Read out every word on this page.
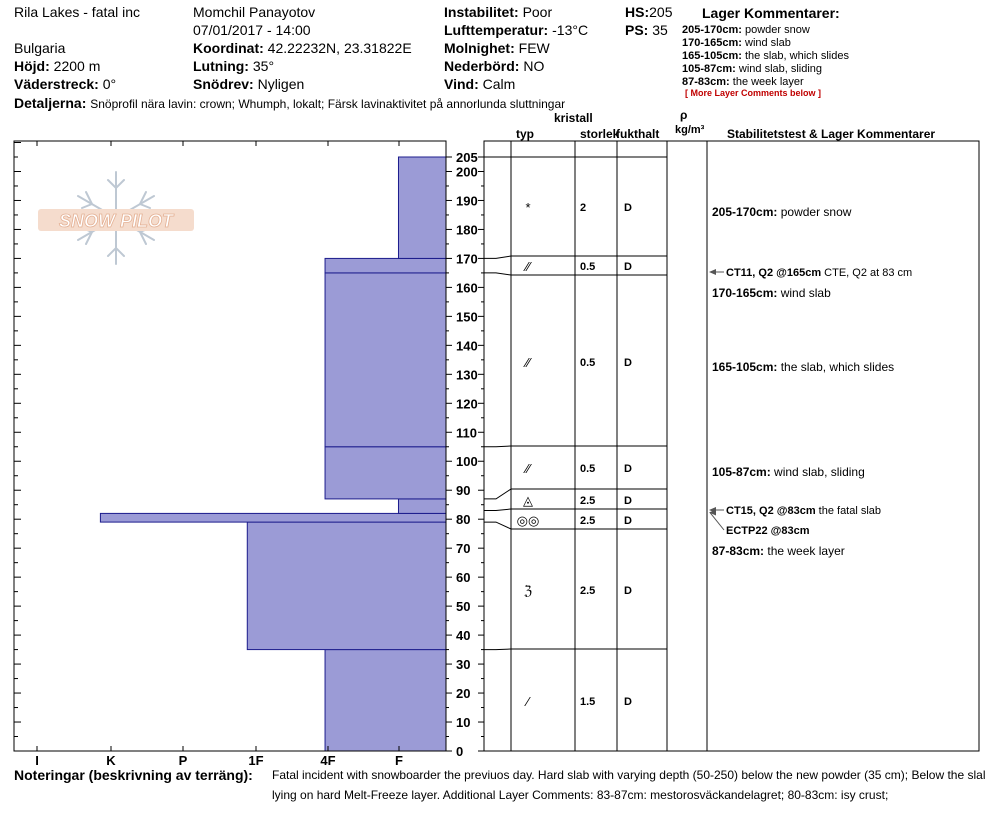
Rila Lakes - fatal inc
Bulgaria
Höjd: 2200 m
Väderstreck: 0°
Detaljerna: Snöprofil nära lavin: crown; Whumph, lokalt; Färsk lavinaktivitet på annorlunda sluttningar
Momchil Panayotov
07/01/2017 - 14:00
Koordinat: 42.22232N, 23.31822E
Lutning: 35°
Snödrev: Nyligen
Instabilitet: Poor
Lufttemperatur: -13°C
Molnighet: FEW
Nederbörd: NO
Vind: Calm
HS:205
PS: 35
Lager Kommentarer:
205-170cm: powder snow
170-165cm: wind slab
165-105cm: the slab, which slides
105-87cm: wind slab, sliding
87-83cm: the week layer
[ More Layer Comments below ]
kristall
typ	storlek
fukthalt
ρ
kg/m³ Stabilitetstest & Lager Kommentarer
SNOW PILOT
I	K	P	1F	4F	F
0
10
20
30
40
50
60
70
80
90
100
110
120
130
140
150
160
170
180
190
200
205
*	2	D
⁄⁄	0.5	D
⁄⁄	0.5	D
⁄⁄	0.5	D
◬	2.5	D
◎◎	2.5	D
ℨ	2.5	D
⁄	1.5	D
CT11, Q2 @165cm CTE, Q2 at 83 cm
CT15, Q2 @83cm the fatal slab
ECTP22 @83cm
205-170cm: powder snow
170-165cm: wind slab
165-105cm: the slab, which slides
105-87cm: wind slab, sliding
87-83cm: the week layer
Noteringar (beskrivning av terräng): Fatal incident with snowboarder the previuos day. Hard slab with varying depth (50-250) below the new powder (35 cm); Below the slal
lying on hard Melt-Freeze layer. Additional Layer Comments: 83-87cm: mestorosväckandelagret; 80-83cm: isy crust;
